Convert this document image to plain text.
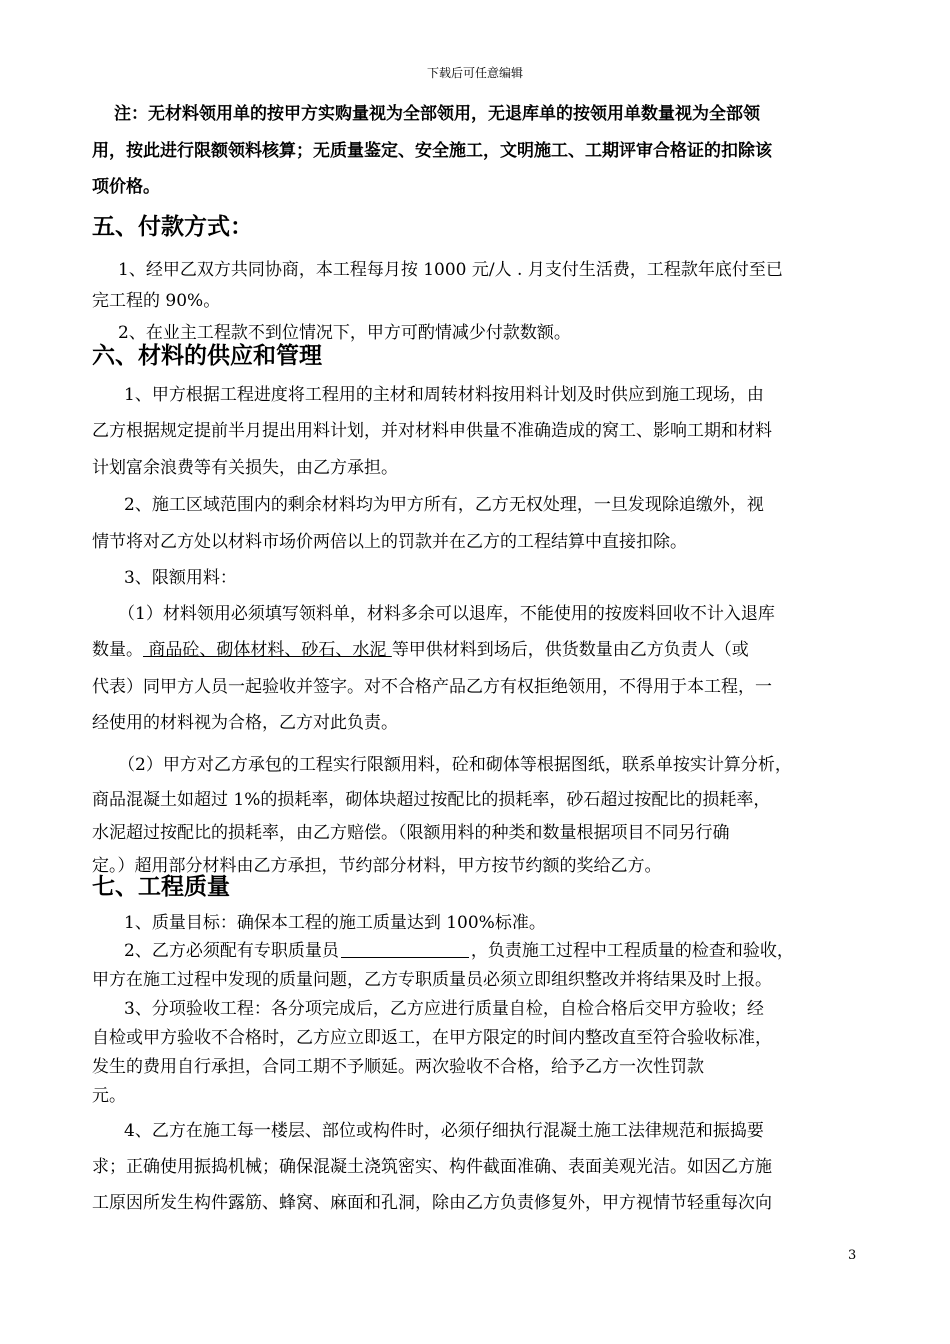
下载后可任意编辑
注：无材料领用单的按甲方实购量视为全部领用，无退库单的按领用单数量视为全部领
用，按此进行限额领料核算；无质量鉴定、安全施工，文明施工、工期评审合格证的扣除该
项价格。
五、付款方式：
1、经甲乙双方共同协商，本工程每月按 1000 元/人 . 月支付生活费，工程款年底付至已
完工程的 90%。
2、在业主工程款不到位情况下，甲方可酌情减少付款数额。
六、材料的供应和管理
1、甲方根据工程进度将工程用的主材和周转材料按用料计划及时供应到施工现场，由
乙方根据规定提前半月提出用料计划，并对材料申供量不准确造成的窝工、影响工期和材料
计划富余浪费等有关损失，由乙方承担。
2、施工区域范围内的剩余材料均为甲方所有，乙方无权处理，一旦发现除追缴外，视
情节将对乙方处以材料市场价两倍以上的罚款并在乙方的工程结算中直接扣除。
3、限额用料：
（1）材料领用必须填写领料单，材料多余可以退库，不能使用的按废料回收不计入退库
数量。 商品砼、砌体材料、砂石、水泥 等甲供材料到场后，供货数量由乙方负责人（或
代表）同甲方人员一起验收并签字。对不合格产品乙方有权拒绝领用，不得用于本工程，一
经使用的材料视为合格，乙方对此负责。
（2）甲方对乙方承包的工程实行限额用料，砼和砌体等根据图纸，联系单按实计算分析，
商品混凝土如超过 1%的损耗率，砌体块超过按配比的损耗率，砂石超过按配比的损耗率，
水泥超过按配比的损耗率，由乙方赔偿。（限额用料的种类和数量根据项目不同另行确
定。）超用部分材料由乙方承担，节约部分材料，甲方按节约额的奖给乙方。
七、工程质量
1、质量目标：确保本工程的施工质量达到 100%标准。
2、乙方必须配有专职质量员	，负责施工过程中工程质量的检查和验收，
甲方在施工过程中发现的质量问题，乙方专职质量员必须立即组织整改并将结果及时上报。
3、分项验收工程：各分项完成后，乙方应进行质量自检，自检合格后交甲方验收；经
自检或甲方验收不合格时，乙方应立即返工，在甲方限定的时间内整改直至符合验收标准，
发生的费用自行承担，合同工期不予顺延。两次验收不合格，给予乙方一次性罚款
元。
4、乙方在施工每一楼层、部位或构件时，必须仔细执行混凝土施工法律规范和振捣要
求；正确使用振捣机械；确保混凝土浇筑密实、构件截面准确、表面美观光洁。如因乙方施
工原因所发生构件露筋、蜂窝、麻面和孔洞，除由乙方负责修复外，甲方视情节轻重每次向
3
